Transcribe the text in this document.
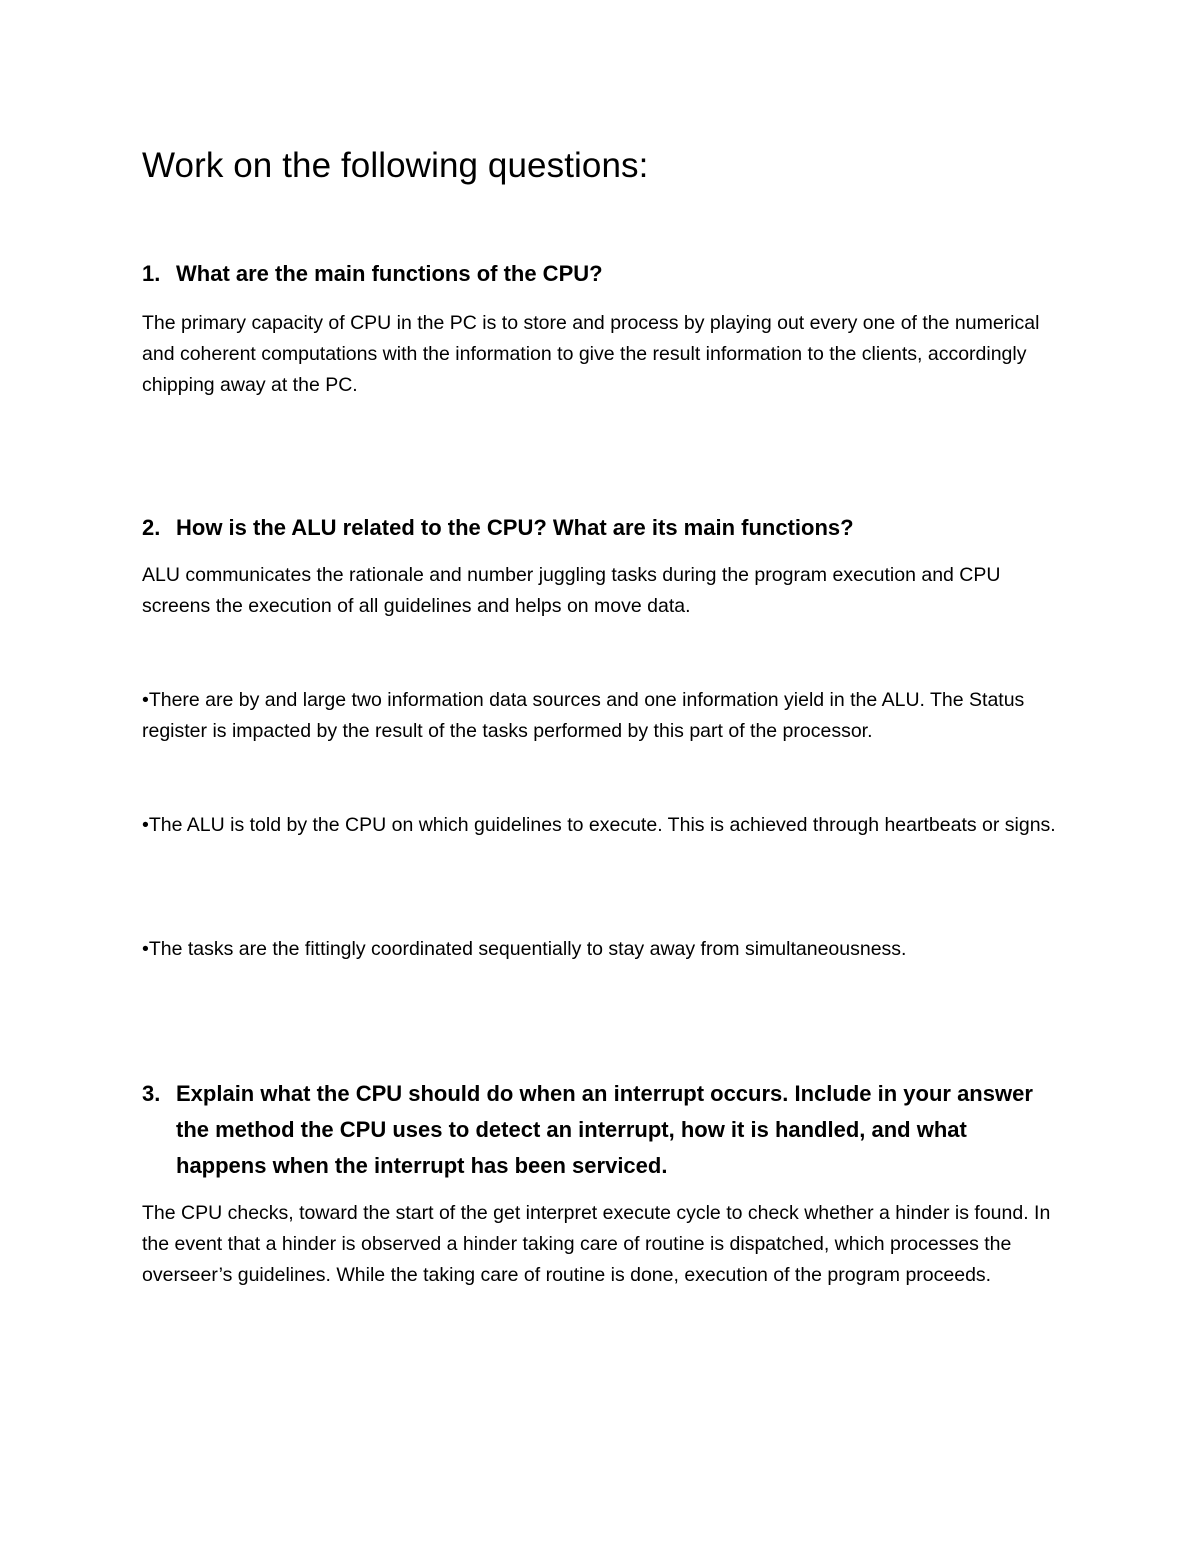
Work on the following questions:
1. What are the main functions of the CPU?

The primary capacity of CPU in the PC is to store and process by playing out every one of the numerical and coherent computations with the information to give the result information to the clients, accordingly chipping away at the PC.

2. How is the ALU related to the CPU? What are its main functions?

ALU communicates the rationale and number juggling tasks during the program execution and CPU screens the execution of all guidelines and helps on move data.

•There are by and large two information data sources and one information yield in the ALU. The Status register is impacted by the result of the tasks performed by this part of the processor.

•The ALU is told by the CPU on which guidelines to execute. This is achieved through heartbeats or signs.

•The tasks are the fittingly coordinated sequentially to stay away from simultaneousness.

3. Explain what the CPU should do when an interrupt occurs. Include in your answer the method the CPU uses to detect an interrupt, how it is handled, and what happens when the interrupt has been serviced.

The CPU checks, toward the start of the get interpret execute cycle to check whether a hinder is found. In the event that a hinder is observed a hinder taking care of routine is dispatched, which processes the overseer’s guidelines. While the taking care of routine is done, execution of the program proceeds.
